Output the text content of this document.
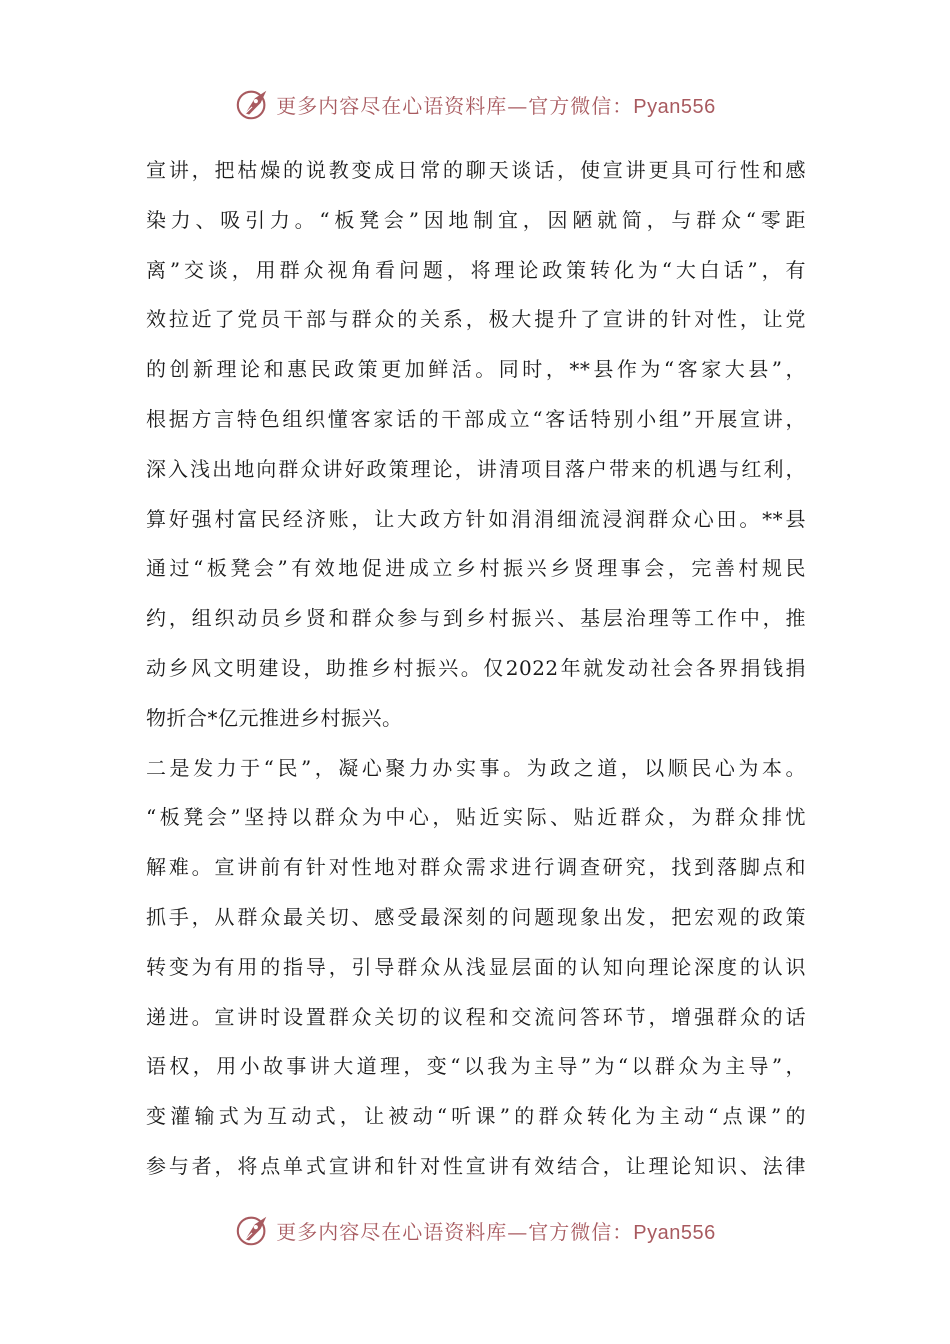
更多内容尽在心语资料库—官方微信：Pyan556
宣讲，把枯燥的说教变成日常的聊天谈话，使宣讲更具可行性和感
染力、吸引力。“板凳会”因地制宜，因陋就简，与群众“零距
离”交谈，用群众视角看问题，将理论政策转化为“大白话”，有
效拉近了党员干部与群众的关系，极大提升了宣讲的针对性，让党
的创新理论和惠民政策更加鲜活。同时，**县作为“客家大县”，
根据方言特色组织懂客家话的干部成立“客话特别小组”开展宣讲，
深入浅出地向群众讲好政策理论，讲清项目落户带来的机遇与红利，
算好强村富民经济账，让大政方针如涓涓细流浸润群众心田。**县
通过“板凳会”有效地促进成立乡村振兴乡贤理事会，完善村规民
约，组织动员乡贤和群众参与到乡村振兴、基层治理等工作中，推
动乡风文明建设，助推乡村振兴。仅2022年就发动社会各界捐钱捐
物折合*亿元推进乡村振兴。
二是发力于“民”，凝心聚力办实事。为政之道，以顺民心为本。
“板凳会”坚持以群众为中心，贴近实际、贴近群众，为群众排忧
解难。宣讲前有针对性地对群众需求进行调查研究，找到落脚点和
抓手，从群众最关切、感受最深刻的问题现象出发，把宏观的政策
转变为有用的指导，引导群众从浅显层面的认知向理论深度的认识
递进。宣讲时设置群众关切的议程和交流问答环节，增强群众的话
语权，用小故事讲大道理，变“以我为主导”为“以群众为主导”，
变灌输式为互动式，让被动“听课”的群众转化为主动“点课”的
参与者，将点单式宣讲和针对性宣讲有效结合，让理论知识、法律
更多内容尽在心语资料库—官方微信：Pyan556
